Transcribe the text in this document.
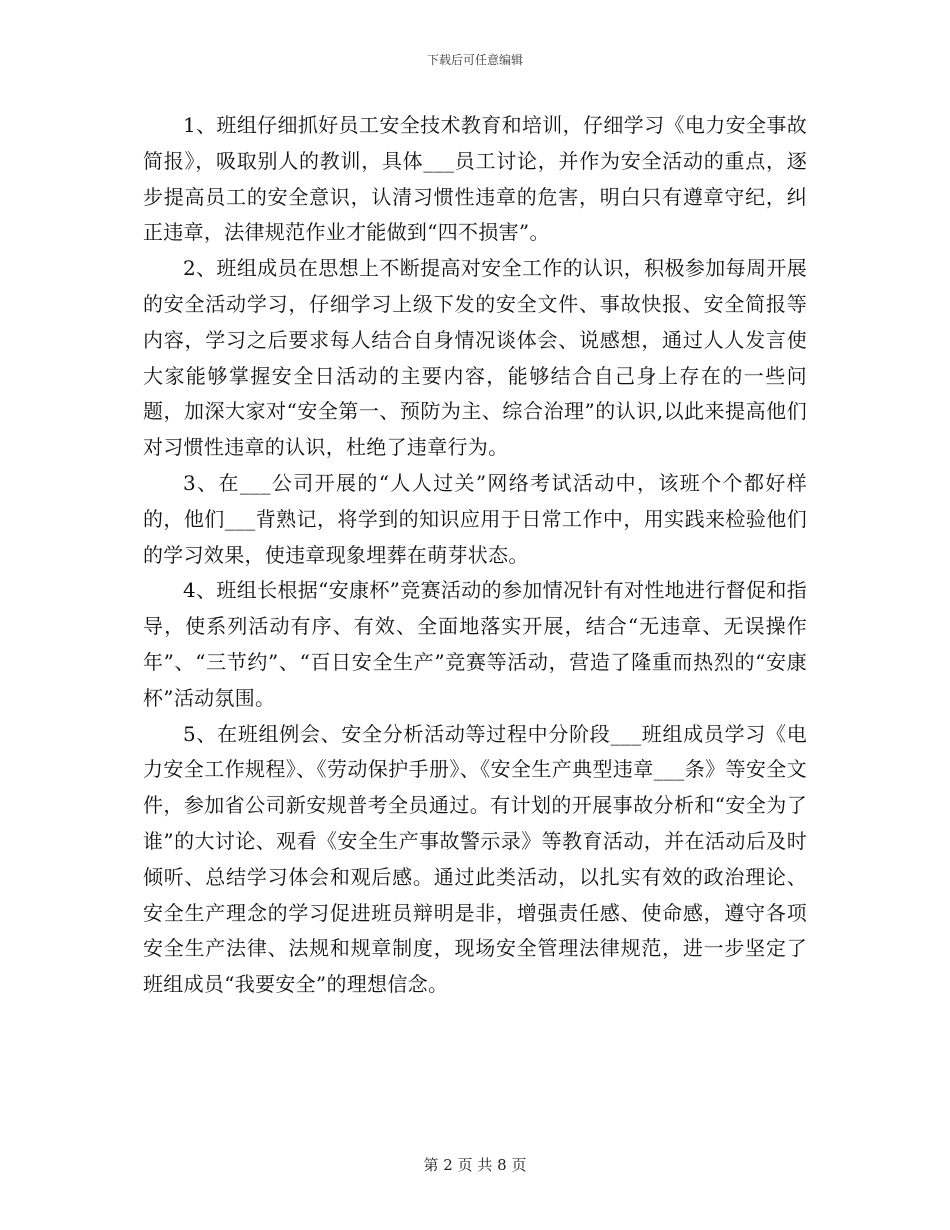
下载后可任意编辑

1、班组仔细抓好员工安全技术教育和培训，仔细学习《电力安全事故简报》，吸取别人的教训，具体___员工讨论，并作为安全活动的重点，逐步提高员工的安全意识，认清习惯性违章的危害，明白只有遵章守纪，纠正违章，法律规范作业才能做到“四不损害”。

2、班组成员在思想上不断提高对安全工作的认识，积极参加每周开展的安全活动学习，仔细学习上级下发的安全文件、事故快报、安全简报等内容，学习之后要求每人结合自身情况谈体会、说感想，通过人人发言使大家能够掌握安全日活动的主要内容，能够结合自己身上存在的一些问题，加深大家对“安全第一、预防为主、综合治理”的认识,以此来提高他们对习惯性违章的认识，杜绝了违章行为。

3、在___公司开展的“人人过关”网络考试活动中，该班个个都好样的，他们___背熟记，将学到的知识应用于日常工作中，用实践来检验他们的学习效果，使违章现象埋葬在萌芽状态。

4、班组长根据“安康杯”竞赛活动的参加情况针有对性地进行督促和指导，使系列活动有序、有效、全面地落实开展，结合“无违章、无误操作年”、“三节约”、“百日安全生产”竞赛等活动，营造了隆重而热烈的“安康杯”活动氛围。

5、在班组例会、安全分析活动等过程中分阶段___班组成员学习《电力安全工作规程》、《劳动保护手册》、《安全生产典型违章___条》等安全文件，参加省公司新安规普考全员通过。有计划的开展事故分析和“安全为了谁”的大讨论、观看《安全生产事故警示录》等教育活动，并在活动后及时倾听、总结学习体会和观后感。通过此类活动，以扎实有效的政治理论、安全生产理念的学习促进班员辩明是非，增强责任感、使命感，遵守各项安全生产法律、法规和规章制度，现场安全管理法律规范，进一步坚定了班组成员“我要安全”的理想信念。

第 2 页 共 8 页
